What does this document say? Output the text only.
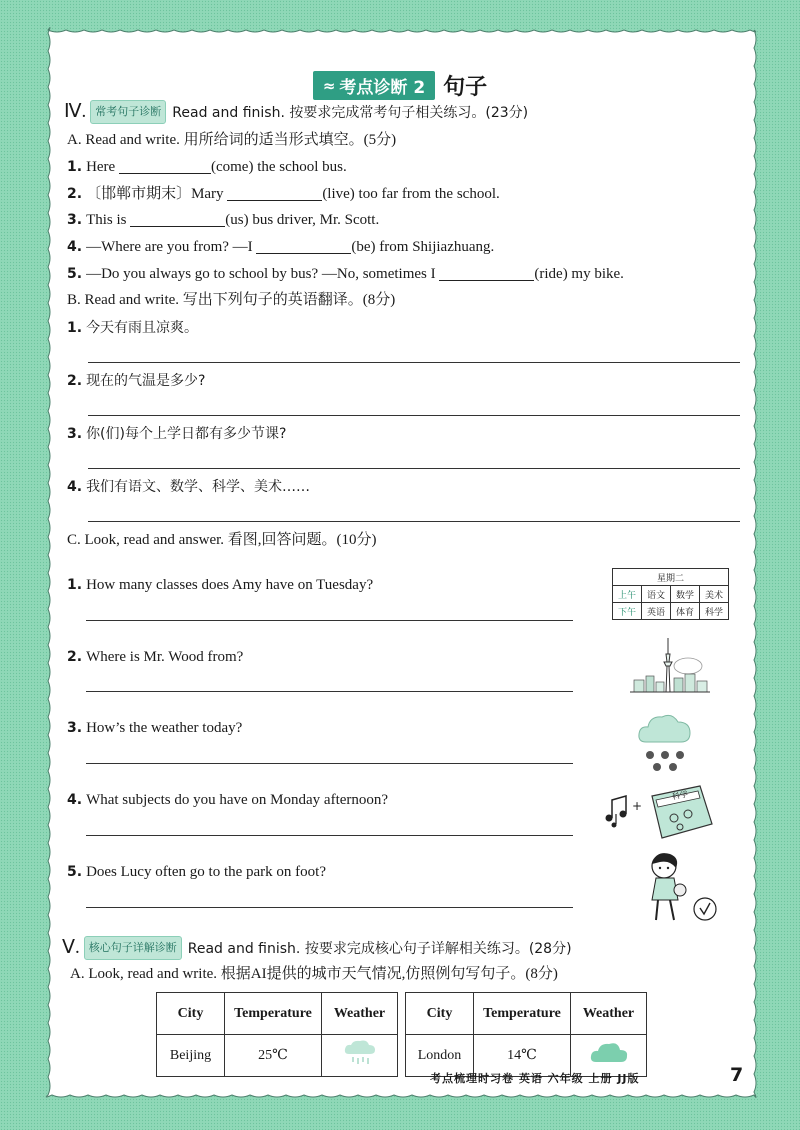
≈ 考点诊断 2 句子
Ⅳ. 常考句子诊断 Read and finish. 按要求完成常考句子相关练习。(23分)
A. Read and write. 用所给词的适当形式填空。(5分)
1. Here	(come) the school bus.
2. 〔邯郸市期末〕Mary	(live) too far from the school.
3. This is	(us) bus driver, Mr. Scott.
4. —Where are you from? —I	(be) from Shijiazhuang.
5. —Do you always go to school by bus? —No, sometimes I	(ride) my bike.
B. Read and write. 写出下列句子的英语翻译。(8分)
1. 今天有雨且凉爽。
2. 现在的气温是多少?
3. 你(们)每个上学日都有多少节课?
4. 我们有语文、数学、科学、美术……
C. Look, read and answer. 看图,回答问题。(10分)
1. How many classes does Amy have on Tuesday?
2. Where is Mr. Wood from?
3. How’s the weather today?
4. What subjects do you have on Monday afternoon?
5. Does Lucy often go to the park on foot?
星期二			
上午	语文	数学	美术
下午	英语	体育	科学
+
科学
Ⅴ. 核心句子详解诊断 Read and finish. 按要求完成核心句子详解相关练习。(28分)
A. Look, read and write. 根据AI提供的城市天气情况,仿照例句写句子。(8分)
City	Temperature	Weather		City	Temperature	Weather
Beijing	25℃			London	14℃	
考点梳理时习卷 英语 六年级 上册 JJ版	7
